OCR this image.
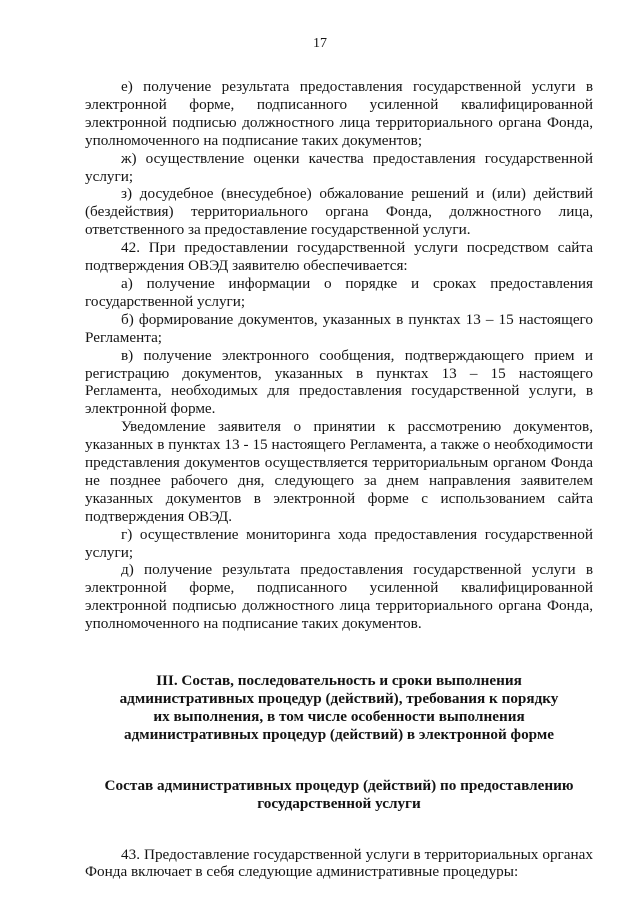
17

е) получение результата предоставления государственной услуги в электронной форме, подписанного усиленной квалифицированной электронной подписью должностного лица территориального органа Фонда, уполномоченного на подписание таких документов;

ж) осуществление оценки качества предоставления государственной услуги;

з) досудебное (внесудебное) обжалование решений и (или) действий (бездействия) территориального органа Фонда, должностного лица, ответственного за предоставление государственной услуги.

42. При предоставлении государственной услуги посредством сайта подтверждения ОВЭД заявителю обеспечивается:

а) получение информации о порядке и сроках предоставления государственной услуги;

б) формирование документов, указанных в пунктах 13 – 15 настоящего Регламента;

в) получение электронного сообщения, подтверждающего прием и регистрацию документов, указанных в пунктах 13 – 15 настоящего Регламента, необходимых для предоставления государственной услуги, в электронной форме.

Уведомление заявителя о принятии к рассмотрению документов, указанных в пунктах 13 - 15 настоящего Регламента, а также о необходимости представления документов осуществляется территориальным органом Фонда не позднее рабочего дня, следующего за днем направления заявителем указанных документов в электронной форме с использованием сайта подтверждения ОВЭД.

г) осуществление мониторинга хода предоставления государственной услуги;

д) получение результата предоставления государственной услуги в электронной форме, подписанного усиленной квалифицированной электронной подписью должностного лица территориального органа Фонда, уполномоченного на подписание таких документов.

III. Состав, последовательность и сроки выполнения административных процедур (действий), требования к порядку их выполнения, в том числе особенности выполнения административных процедур (действий) в электронной форме

Состав административных процедур (действий) по предоставлению государственной услуги

43. Предоставление государственной услуги в территориальных органах Фонда включает в себя следующие административные процедуры:
